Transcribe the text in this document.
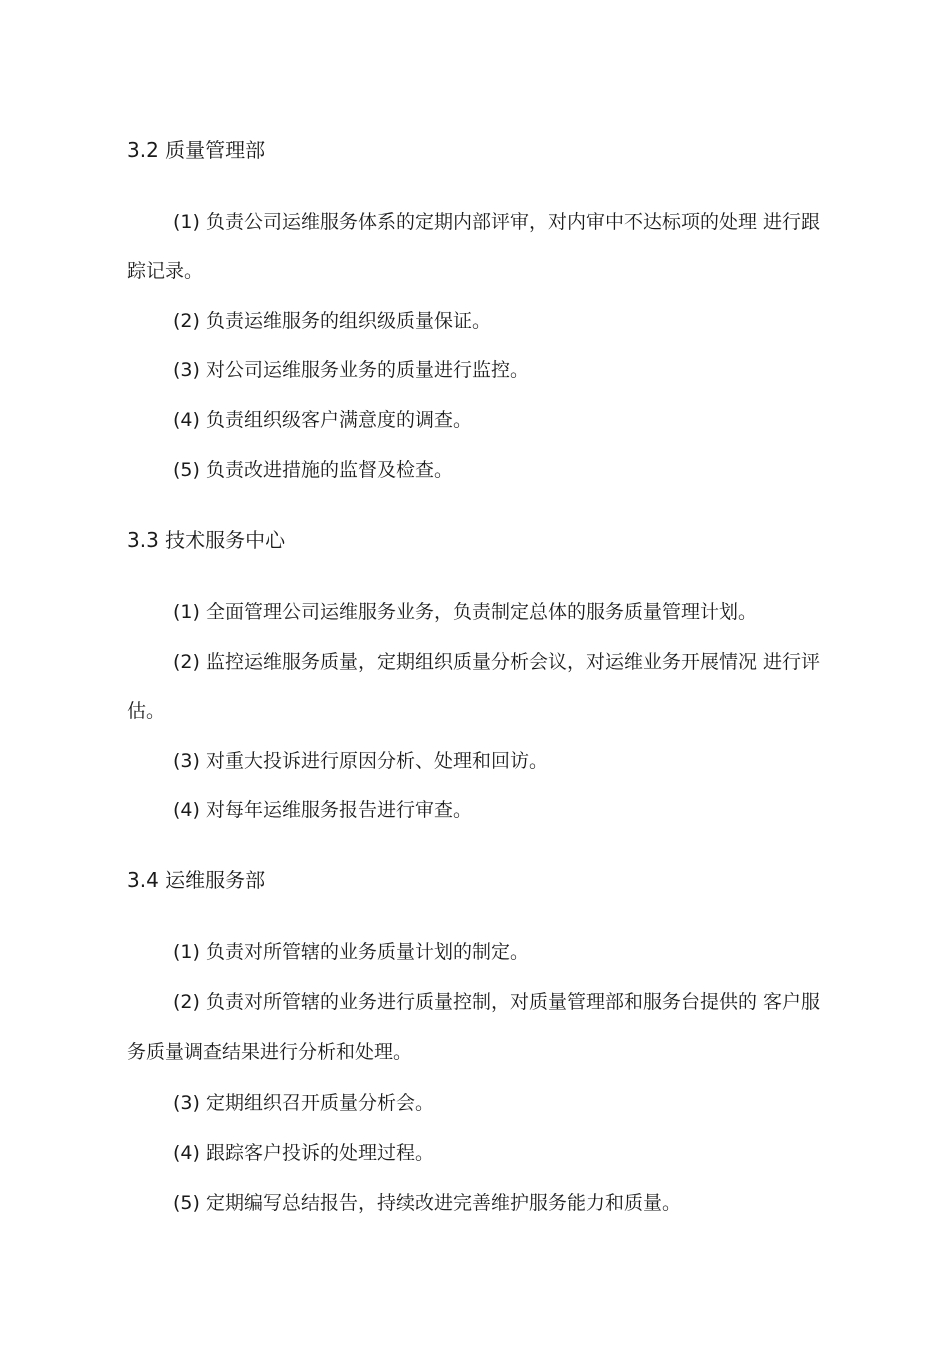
3.2 质量管理部
(1) 负责公司运维服务体系的定期内部评审，对内审中不达标项的处理 进行跟
踪记录。
(2) 负责运维服务的组织级质量保证。
(3) 对公司运维服务业务的质量进行监控。
(4) 负责组织级客户满意度的调查。
(5) 负责改进措施的监督及检查。
3.3 技术服务中心
(1) 全面管理公司运维服务业务，负责制定总体的服务质量管理计划。
(2) 监控运维服务质量，定期组织质量分析会议，对运维业务开展情况 进行评
估。
(3) 对重大投诉进行原因分析、处理和回访。
(4) 对每年运维服务报告进行审查。
3.4 运维服务部
(1) 负责对所管辖的业务质量计划的制定。
(2) 负责对所管辖的业务进行质量控制，对质量管理部和服务台提供的 客户服
务质量调查结果进行分析和处理。
(3) 定期组织召开质量分析会。
(4) 跟踪客户投诉的处理过程。
(5) 定期编写总结报告，持续改进完善维护服务能力和质量。
